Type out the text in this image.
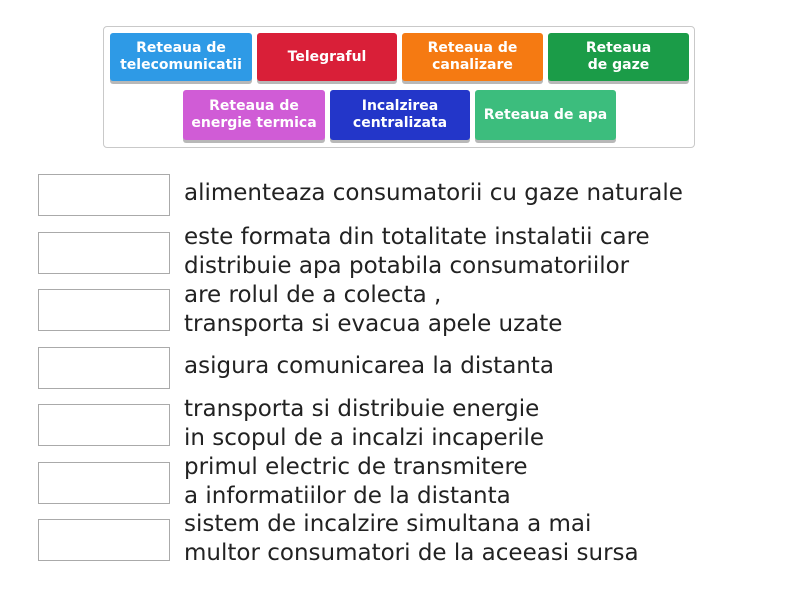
Reteaua de
telecomunicatii
Telegraful
Reteaua de
canalizare
Reteaua
de gaze
Reteaua de
energie termica
Incalzirea
centralizata
Reteaua de apa
alimenteaza consumatorii cu gaze naturale
este formata din totalitate instalatii care
distribuie apa potabila consumatoriilor
are rolul de a colecta ,
transporta si evacua apele uzate
asigura comunicarea la distanta
transporta si distribuie energie
in scopul de a incalzi incaperile
primul electric de transmitere
a informatiilor de la distanta
sistem de incalzire simultana a mai
multor consumatori de la aceeasi sursa
